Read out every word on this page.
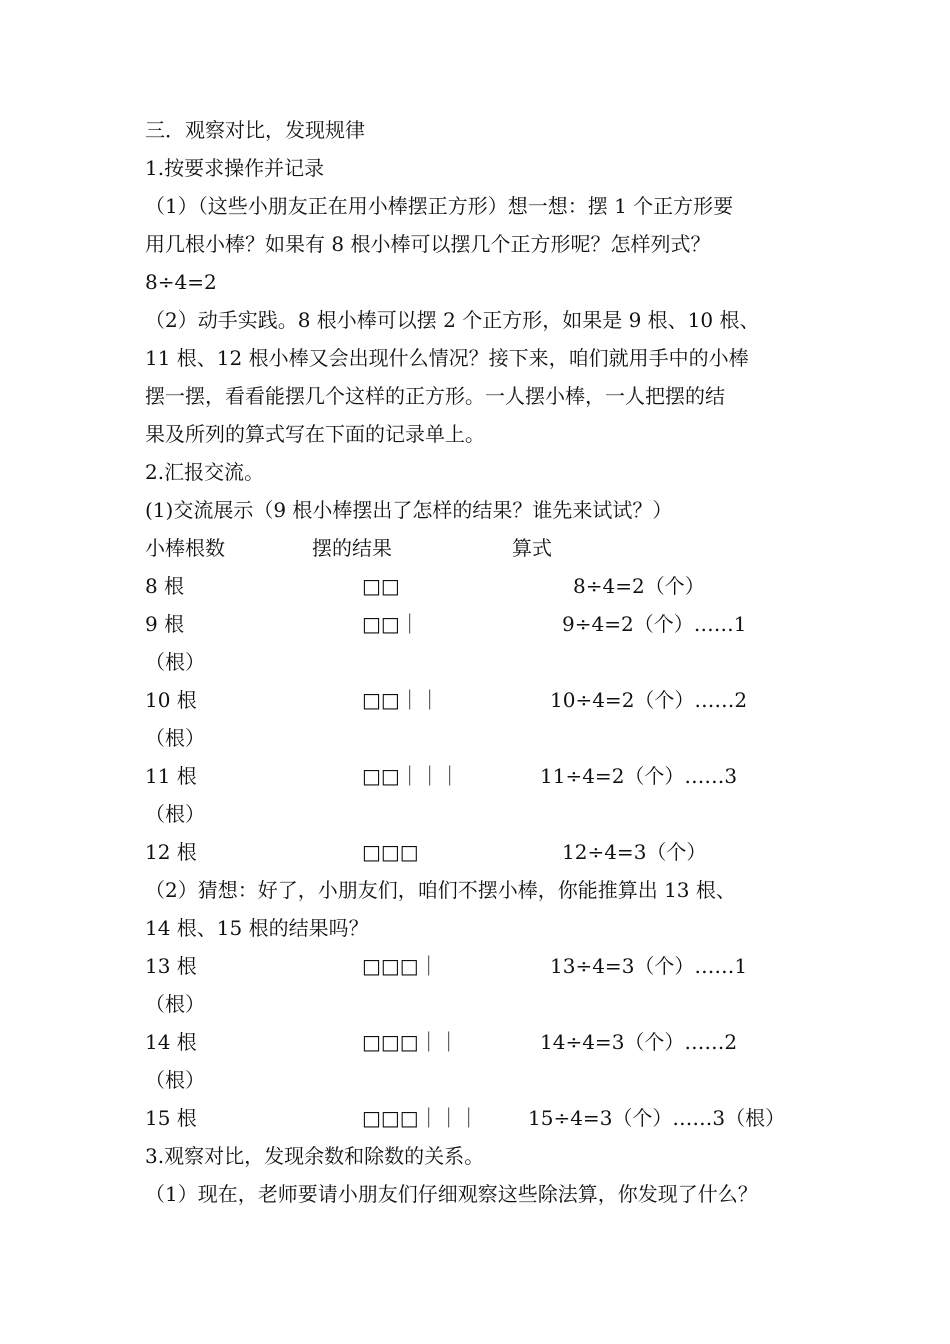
三．观察对比，发现规律
1.按要求操作并记录
（1）（这些小朋友正在用小棒摆正方形）想一想：摆 1 个正方形要
用几根小棒？如果有 8 根小棒可以摆几个正方形呢？怎样列式？
8÷4=2
（2）动手实践。8 根小棒可以摆 2 个正方形，如果是 9 根、10 根、
11 根、12 根小棒又会出现什么情况？接下来，咱们就用手中的小棒
摆一摆，看看能摆几个这样的正方形。一人摆小棒，一人把摆的结
果及所列的算式写在下面的记录单上。
2.汇报交流。
(1)交流展示（9 根小棒摆出了怎样的结果？谁先来试试？）
小棒根数	摆的结果	算式
8 根	□□	8÷4=2（个）
9 根	□□｜	9÷4=2（个）……1
（根）
10 根	□□｜｜	10÷4=2（个）……2
（根）
11 根	□□｜｜｜	11÷4=2（个）……3
（根）
12 根	□□□	12÷4=3（个）
（2）猜想：好了，小朋友们，咱们不摆小棒，你能推算出 13 根、
14 根、15 根的结果吗？
13 根	□□□｜	13÷4=3（个）……1
（根）
14 根	□□□｜｜	14÷4=3（个）……2
（根）
15 根	□□□｜｜｜ 15÷4=3（个）……3（根）
3.观察对比，发现余数和除数的关系。
（1）现在，老师要请小朋友们仔细观察这些除法算，你发现了什么？
